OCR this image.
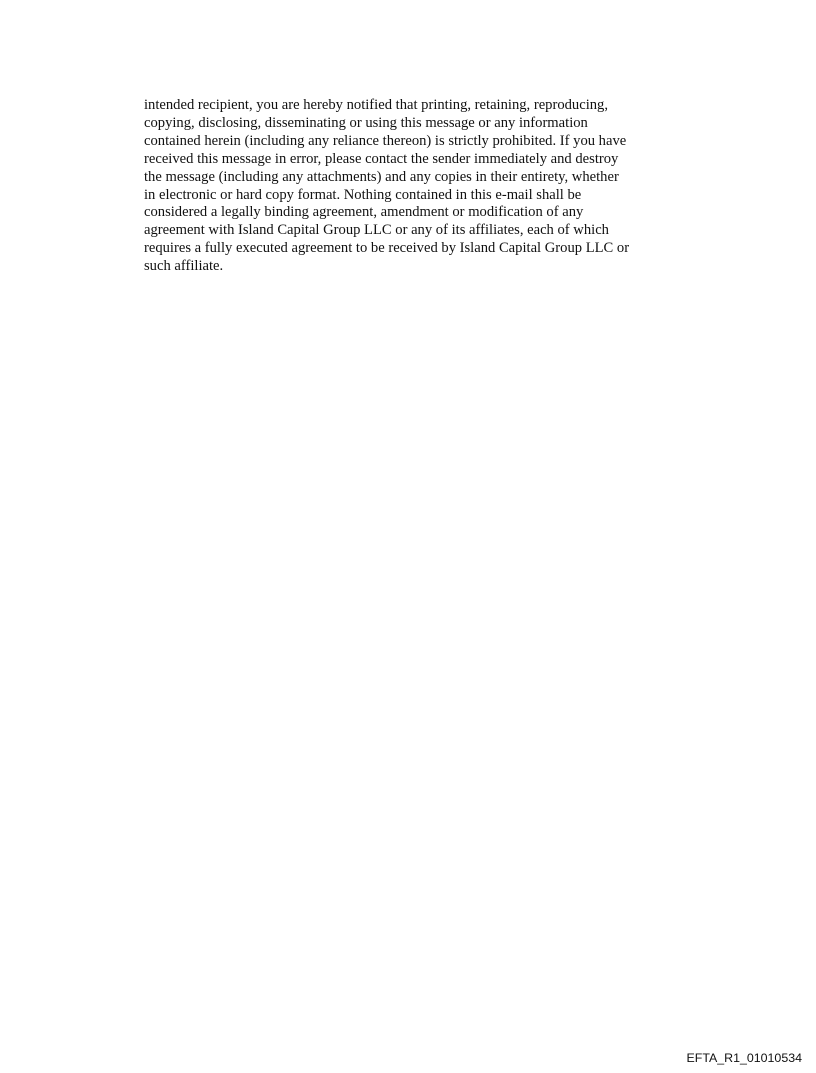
intended recipient, you are hereby notified that printing, retaining, reproducing,
copying, disclosing, disseminating or using this message or any information
contained herein (including any reliance thereon) is strictly prohibited. If you have
received this message in error, please contact the sender immediately and destroy
the message (including any attachments) and any copies in their entirety, whether
in electronic or hard copy format. Nothing contained in this e-mail shall be
considered a legally binding agreement, amendment or modification of any
agreement with Island Capital Group LLC or any of its affiliates, each of which
requires a fully executed agreement to be received by Island Capital Group LLC or
such affiliate.
EFTA_R1_01010534
